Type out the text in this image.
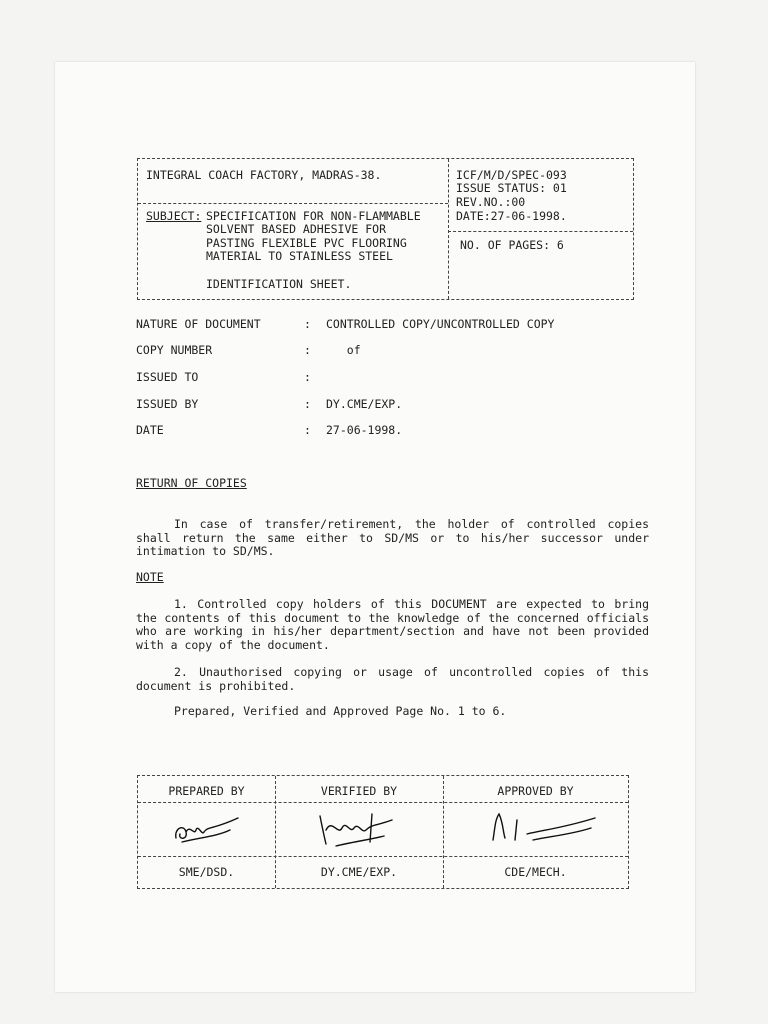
INTEGRAL COACH FACTORY, MADRAS-38.	ICF/M/D/SPEC-093
ISSUE STATUS: 01
REV.NO.:00
DATE:27-06-1998.
NO. OF PAGES: 6
SUBJECT: SPECIFICATION FOR NON-FLAMMABLE
SOLVENT BASED ADHESIVE FOR
PASTING FLEXIBLE PVC FLOORING
MATERIAL TO STAINLESS STEEL
IDENTIFICATION SHEET.
NATURE OF DOCUMENT	: CONTROLLED COPY/UNCONTROLLED COPY
COPY NUMBER	: of
ISSUED TO	:
ISSUED BY	: DY.CME/EXP.
DATE	: 27-06-1998.
RETURN OF COPIES
In case of transfer/retirement, the holder of controlled copies shall return the same either to SD/MS or to his/her successor under intimation to SD/MS.
NOTE
1. Controlled copy holders of this DOCUMENT are expected to bring the contents of this document to the knowledge of the concerned officials who are working in his/her department/section and have not been provided with a copy of the document.
2. Unauthorised copying or usage of uncontrolled copies of this document is prohibited.
Prepared, Verified and Approved Page No. 1 to 6.
PREPARED BY	VERIFIED BY	APPROVED BY
SME/DSD.	DY.CME/EXP.	CDE/MECH.
